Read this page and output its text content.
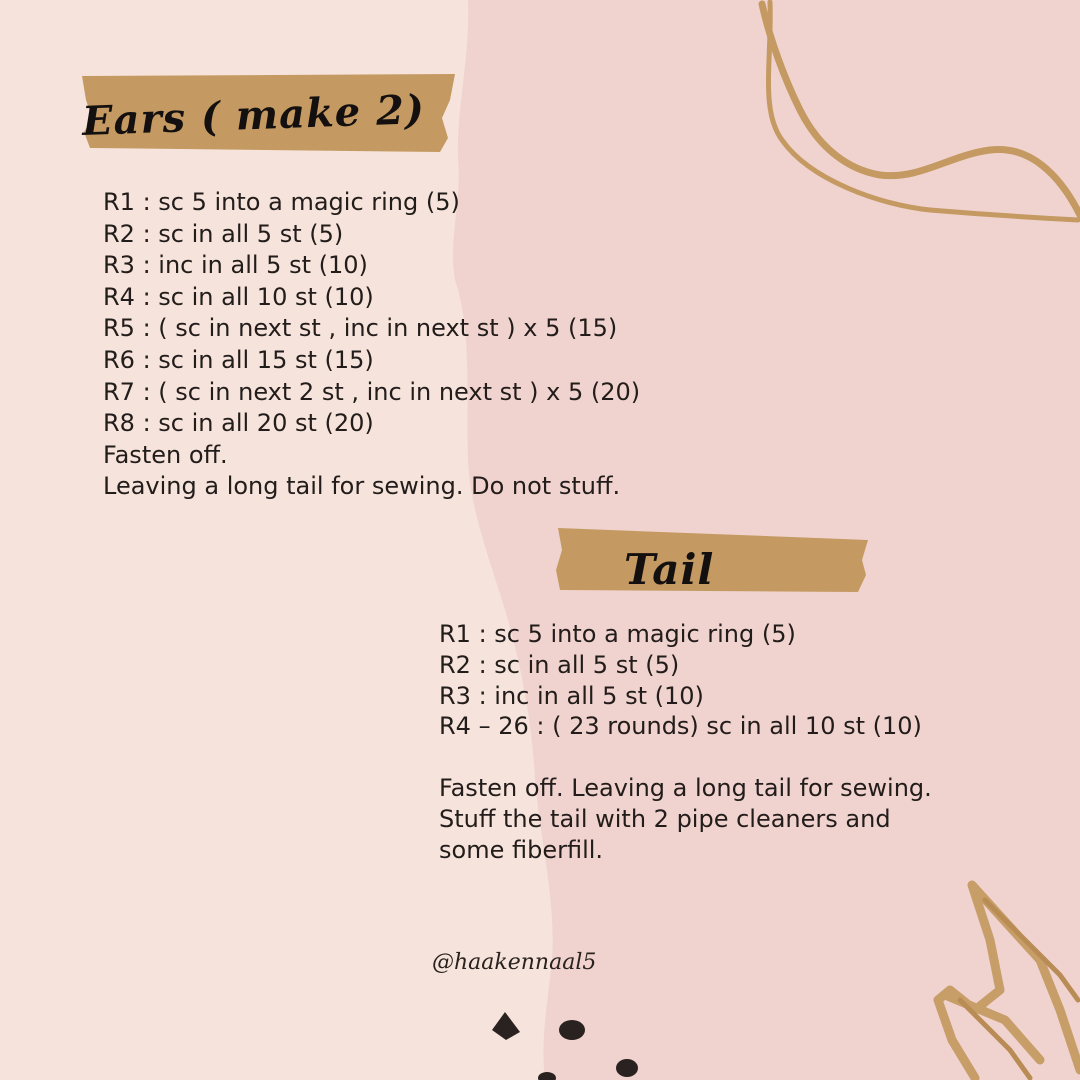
Ears ( make 2)
R1 : sc 5 into a magic ring (5)
R2 : sc in all 5 st (5)
R3 : inc in all 5 st (10)
R4 : sc in all 10 st (10)
R5 : ( sc in next st , inc in next st ) x 5 (15)
R6 : sc in all 15 st (15)
R7 : ( sc in next 2 st , inc in next st ) x 5 (20)
R8 : sc in all 20 st (20)
Fasten off.
Leaving a long tail for sewing. Do not stuff.
Tail
R1 : sc 5 into a magic ring (5)
R2 : sc in all 5 st (5)
R3 : inc in all 5 st (10)
R4 – 26 : ( 23 rounds) sc in all 10 st (10)
Fasten off. Leaving a long tail for sewing.
Stuff the tail with 2 pipe cleaners and
some fiberfill.
@haakennaal5
